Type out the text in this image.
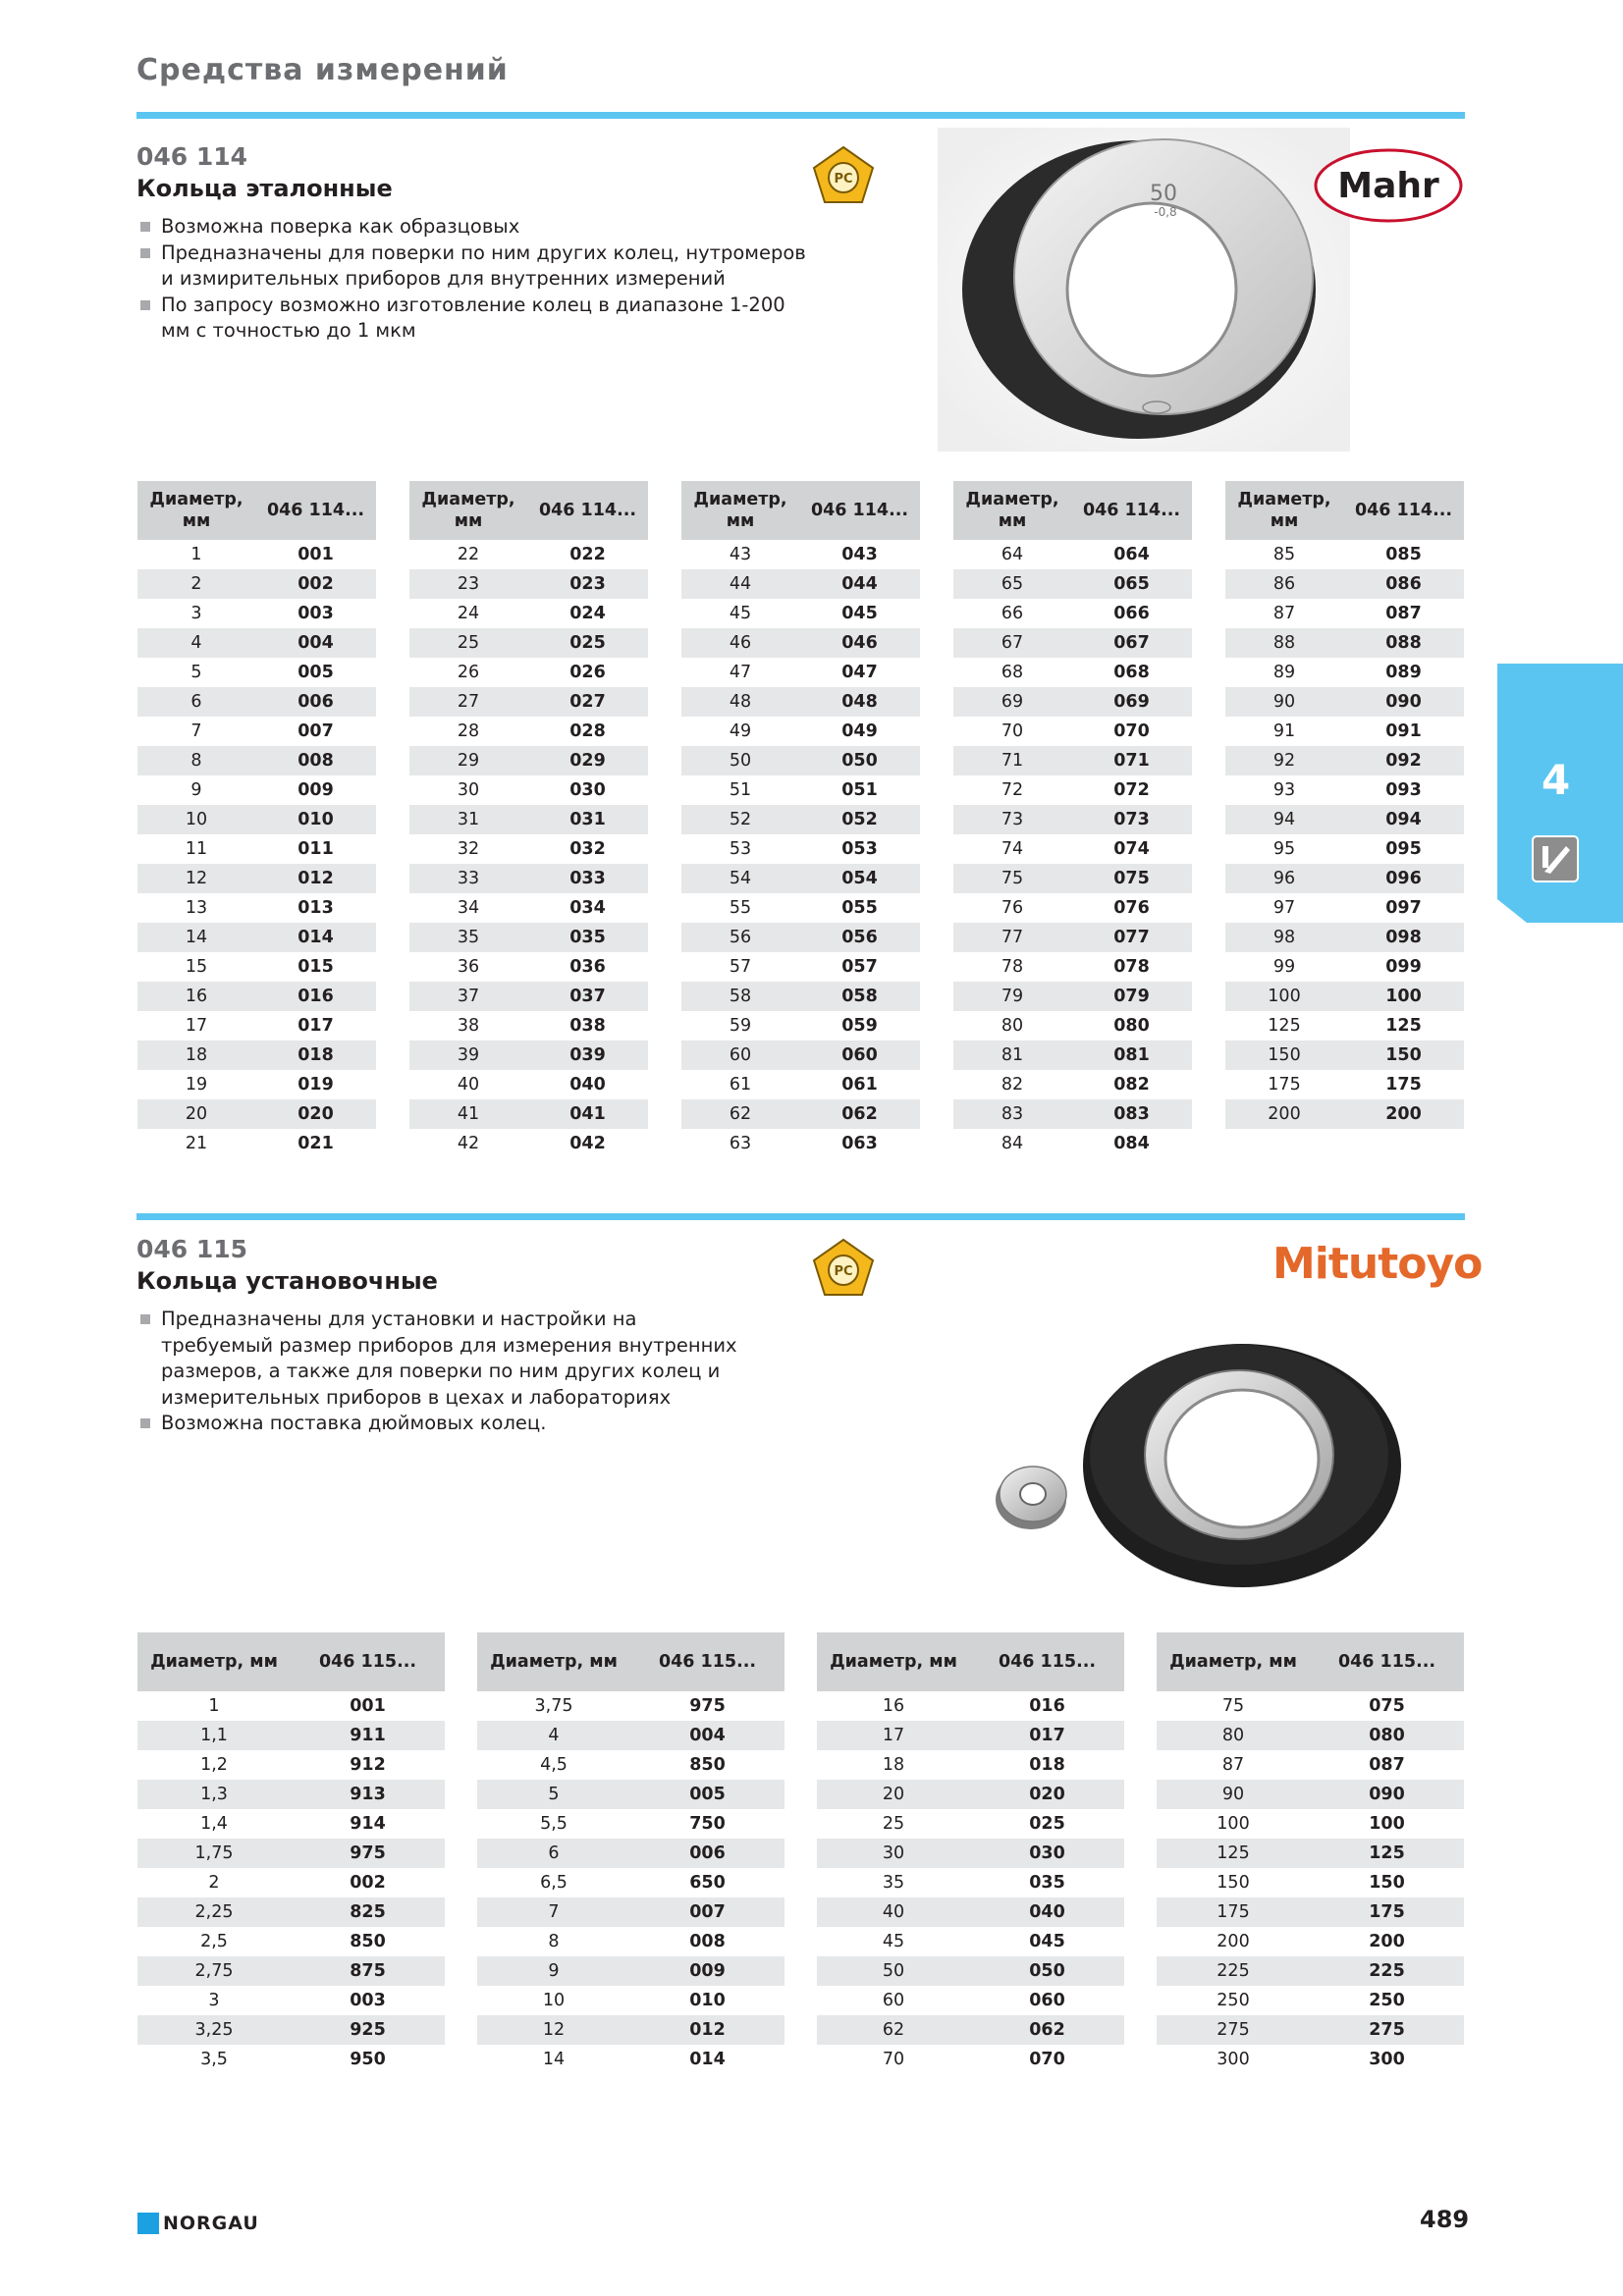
Средства измерений
046 114
Кольца эталонные
Возможна поверка как образцовых
Предназначены для поверки по ним других колец, нутромеров и измирительных приборов для внутренних измерений
По запросу возможно изготовление колец в диапазоне 1-200 мм с точностью до 1 мкм
PC
50
-0,8
Mahr
Диаметр, мм	046 114...
1	001
2	002
3	003
4	004
5	005
6	006
7	007
8	008
9	009
10	010
11	011
12	012
13	013
14	014
15	015
16	016
17	017
18	018
19	019
20	020
21	021
Диаметр, мм	046 114...
22	022
23	023
24	024
25	025
26	026
27	027
28	028
29	029
30	030
31	031
32	032
33	033
34	034
35	035
36	036
37	037
38	038
39	039
40	040
41	041
42	042
Диаметр, мм	046 114...
43	043
44	044
45	045
46	046
47	047
48	048
49	049
50	050
51	051
52	052
53	053
54	054
55	055
56	056
57	057
58	058
59	059
60	060
61	061
62	062
63	063
Диаметр, мм	046 114...
64	064
65	065
66	066
67	067
68	068
69	069
70	070
71	071
72	072
73	073
74	074
75	075
76	076
77	077
78	078
79	079
80	080
81	081
82	082
83	083
84	084
Диаметр, мм	046 114...
85	085
86	086
87	087
88	088
89	089
90	090
91	091
92	092
93	093
94	094
95	095
96	096
97	097
98	098
99	099
100	100
125	125
150	150
175	175
200	200
046 115
Кольца установочные
Предназначены для установки и настройки на требуемый размер приборов для измерения внутренних размеров, а также для поверки по ним других колец и измерительных приборов в цехах и лабораториях
Возможна поставка дюймовых колец.
PC	Mitutoyo
Диаметр, мм	046 115...
1	001
1,1	911
1,2	912
1,3	913
1,4	914
1,75	975
2	002
2,25	825
2,5	850
2,75	875
3	003
3,25	925
3,5	950
Диаметр, мм	046 115...
3,75	975
4	004
4,5	850
5	005
5,5	750
6	006
6,5	650
7	007
8	008
9	009
10	010
12	012
14	014
Диаметр, мм	046 115...
16	016
17	017
18	018
20	020
25	025
30	030
35	035
40	040
45	045
50	050
60	060
62	062
70	070
Диаметр, мм	046 115...
75	075
80	080
87	087
90	090
100	100
125	125
150	150
175	175
200	200
225	225
250	250
275	275
300	300
4
NORGAU	489
